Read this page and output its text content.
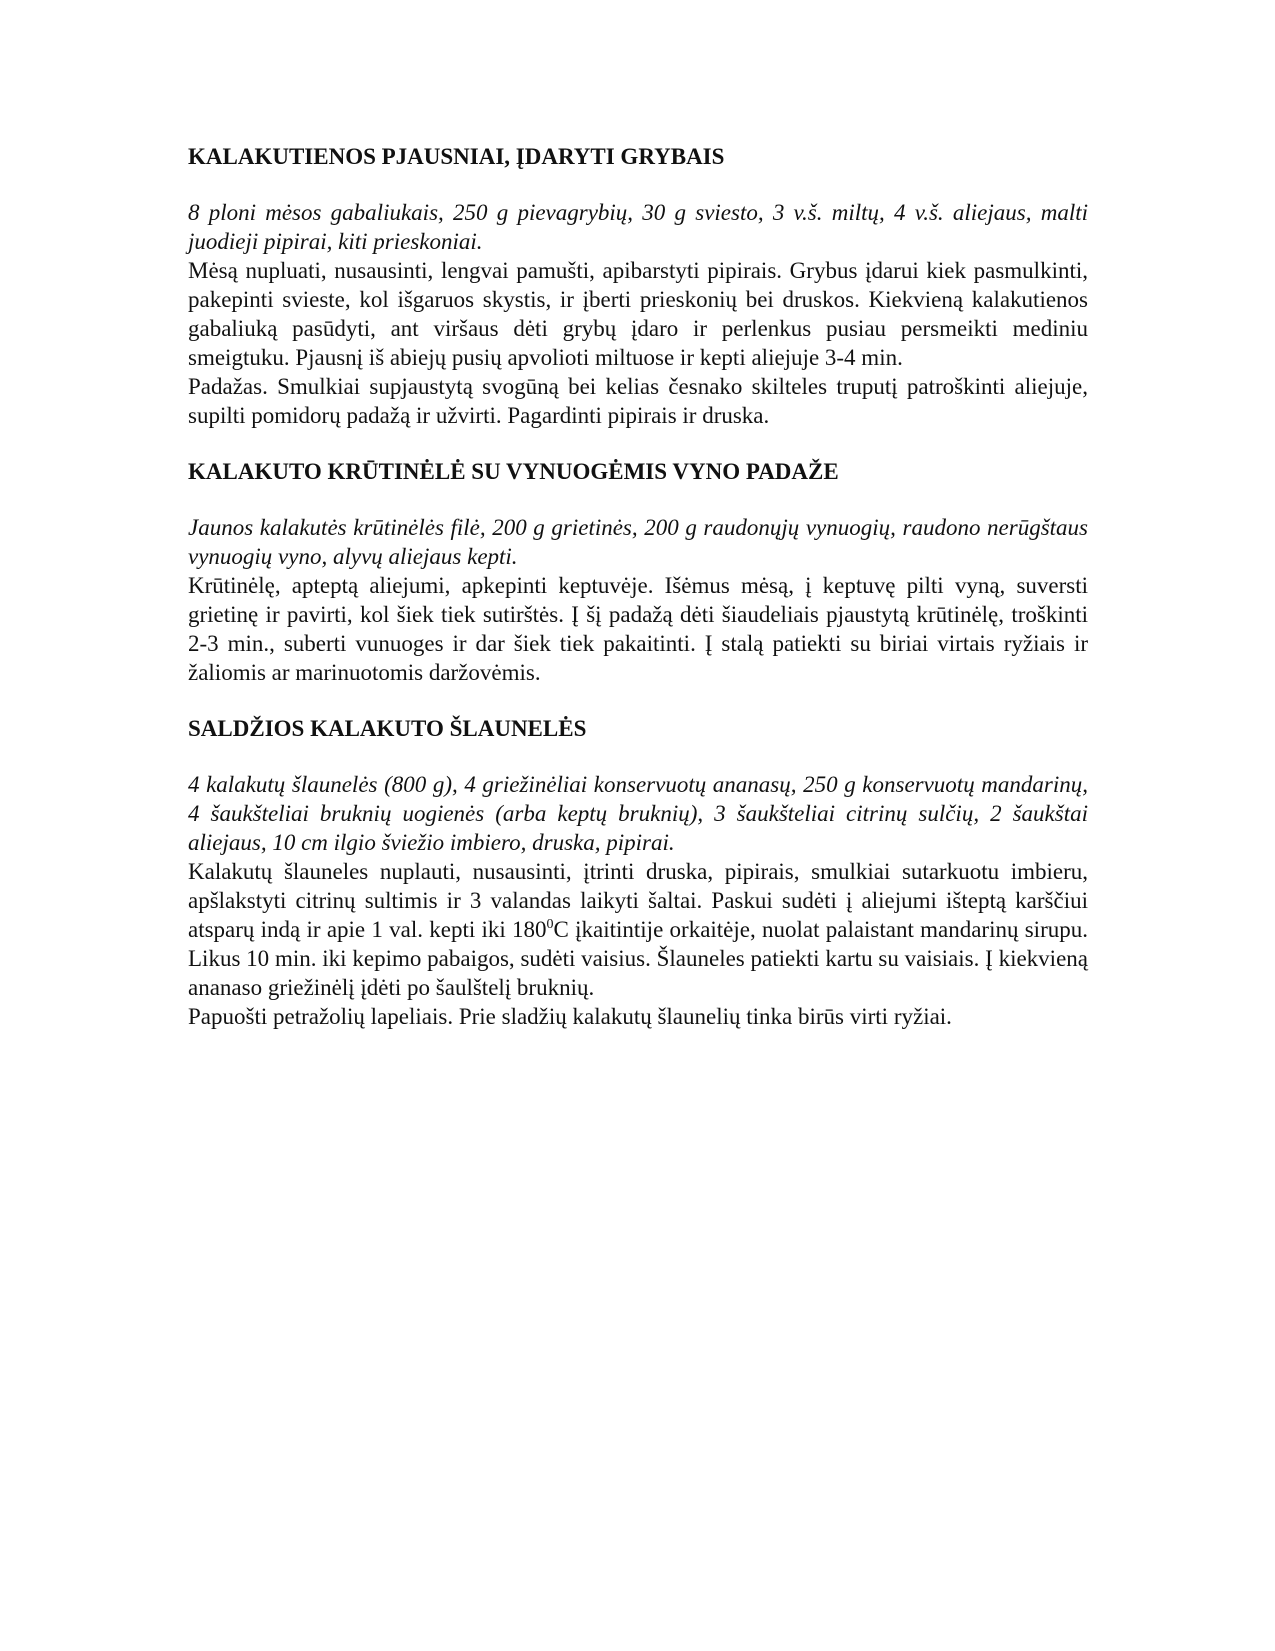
KALAKUTIENOS PJAUSNIAI, ĮDARYTI GRYBAIS

8 ploni mėsos gabaliukais, 250 g pievagrybių, 30 g sviesto, 3 v.š. miltų, 4 v.š. aliejaus, malti juodieji pipirai, kiti prieskoniai.

Mėsą nupluati, nusausinti, lengvai pamušti, apibarstyti pipirais. Grybus įdarui kiek pasmulkinti, pakepinti svieste, kol išgaruos skystis, ir įberti prieskonių bei druskos. Kiekvieną kalakutienos gabaliuką pasūdyti, ant viršaus dėti grybų įdaro ir perlenkus pusiau persmeikti mediniu smeigtuku. Pjausnį iš abiejų pusių apvolioti miltuose ir kepti aliejuje 3-4 min.

Padažas. Smulkiai supjaustytą svogūną bei kelias česnako skilteles truputį patroškinti aliejuje, supilti pomidorų padažą ir užvirti. Pagardinti pipirais ir druska.

KALAKUTO KRŪTINĖLĖ SU VYNUOGĖMIS VYNO PADAŽE

Jaunos kalakutės krūtinėlės filė, 200 g grietinės, 200 g raudonųjų vynuogių, raudono nerūgštaus vynuogių vyno, alyvų aliejaus kepti.

Krūtinėlę, apteptą aliejumi, apkepinti keptuvėje. Išėmus mėsą, į keptuvę pilti vyną, suversti grietinę ir pavirti, kol šiek tiek sutirštės. Į šį padažą dėti šiaudeliais pjaustytą krūtinėlę, troškinti 2-3 min., suberti vunuoges ir dar šiek tiek pakaitinti. Į stalą patiekti su biriai virtais ryžiais ir žaliomis ar marinuotomis daržovėmis.

SALDŽIOS KALAKUTO ŠLAUNELĖS

4 kalakutų šlaunelės (800 g), 4 griežinėliai konservuotų ananasų, 250 g konservuotų mandarinų, 4 šaukšteliai bruknių uogienės (arba keptų bruknių), 3 šaukšteliai citrinų sulčių, 2 šaukštai aliejaus, 10 cm ilgio šviežio imbiero, druska, pipirai.

Kalakutų šlauneles nuplauti, nusausinti, įtrinti druska, pipirais, smulkiai sutarkuotu imbieru, apšlakstyti citrinų sultimis ir 3 valandas laikyti šaltai. Paskui sudėti į aliejumi išteptą karščiui atsparų indą ir apie 1 val. kepti iki $180^0C$ įkaitintije orkaitėje, nuolat palaistant mandarinų sirupu. Likus 10 min. iki kepimo pabaigos, sudėti vaisius. Šlauneles patiekti kartu su vaisiais. Į kiekvieną ananaso griežinėlį įdėti po šaulštelį bruknių.

Papuošti petražolių lapeliais. Prie sladžių kalakutų šlaunelių tinka birūs virti ryžiai.
